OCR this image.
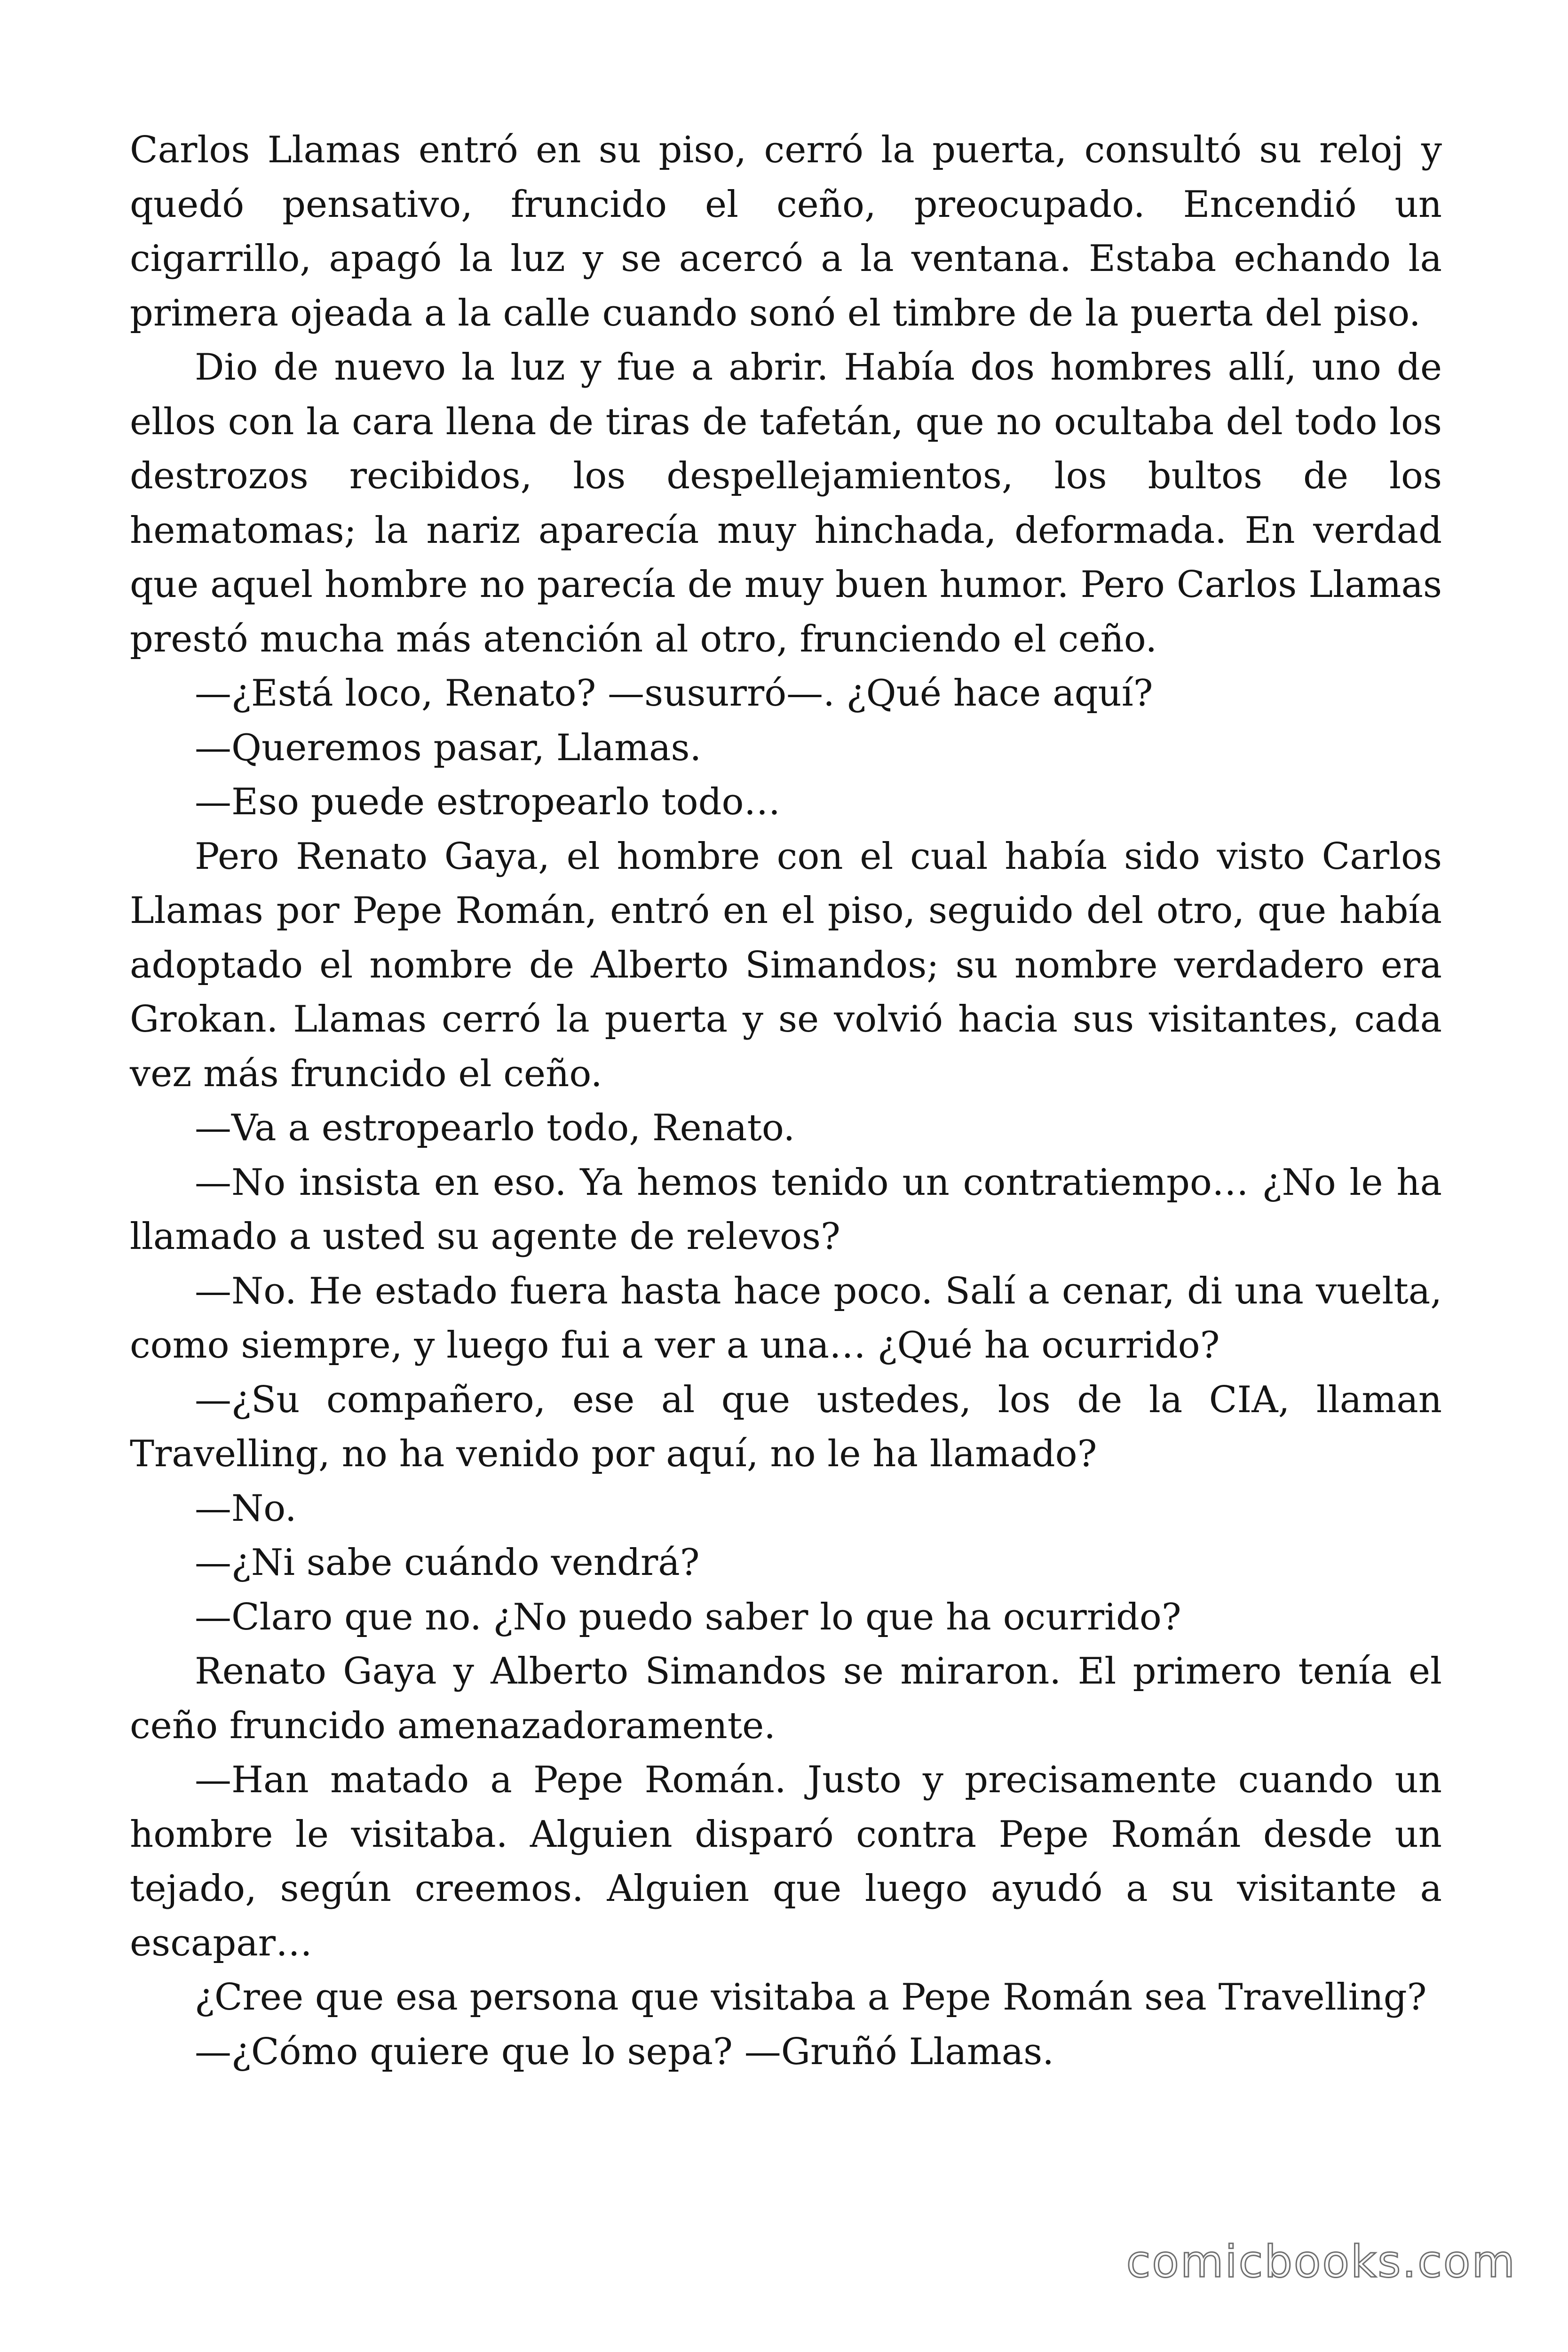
Carlos Llamas entró en su piso, cerró la puerta, consultó su reloj y quedó pensativo, fruncido el ceño, preocupado. Encendió un cigarrillo, apagó la luz y se acercó a la ventana. Estaba echando la primera ojeada a la calle cuando sonó el timbre de la puerta del piso.

Dio de nuevo la luz y fue a abrir. Había dos hombres allí, uno de ellos con la cara llena de tiras de tafetán, que no ocultaba del todo los destrozos recibidos, los despellejamientos, los bultos de los hematomas; la nariz aparecía muy hinchada, deformada. En verdad que aquel hombre no parecía de muy buen humor. Pero Carlos Llamas prestó mucha más atención al otro, frunciendo el ceño.

—¿Está loco, Renato? —susurró—. ¿Qué hace aquí?

—Queremos pasar, Llamas.

—Eso puede estropearlo todo…

Pero Renato Gaya, el hombre con el cual había sido visto Carlos Llamas por Pepe Román, entró en el piso, seguido del otro, que había adoptado el nombre de Alberto Simandos; su nombre verdadero era Grokan. Llamas cerró la puerta y se volvió hacia sus visitantes, cada vez más fruncido el ceño.

—Va a estropearlo todo, Renato.

—No insista en eso. Ya hemos tenido un contratiempo… ¿No le ha llamado a usted su agente de relevos?

—No. He estado fuera hasta hace poco. Salí a cenar, di una vuelta, como siempre, y luego fui a ver a una… ¿Qué ha ocurrido?

—¿Su compañero, ese al que ustedes, los de la CIA, llaman Travelling, no ha venido por aquí, no le ha llamado?

—No.

—¿Ni sabe cuándo vendrá?

—Claro que no. ¿No puedo saber lo que ha ocurrido?

Renato Gaya y Alberto Simandos se miraron. El primero tenía el ceño fruncido amenazadoramente.

—Han matado a Pepe Román. Justo y precisamente cuando un hombre le visitaba. Alguien disparó contra Pepe Román desde un tejado, según creemos. Alguien que luego ayudó a su visitante a escapar…

¿Cree que esa persona que visitaba a Pepe Román sea Travelling?

—¿Cómo quiere que lo sepa? —Gruñó Llamas.

comicbooks.com
